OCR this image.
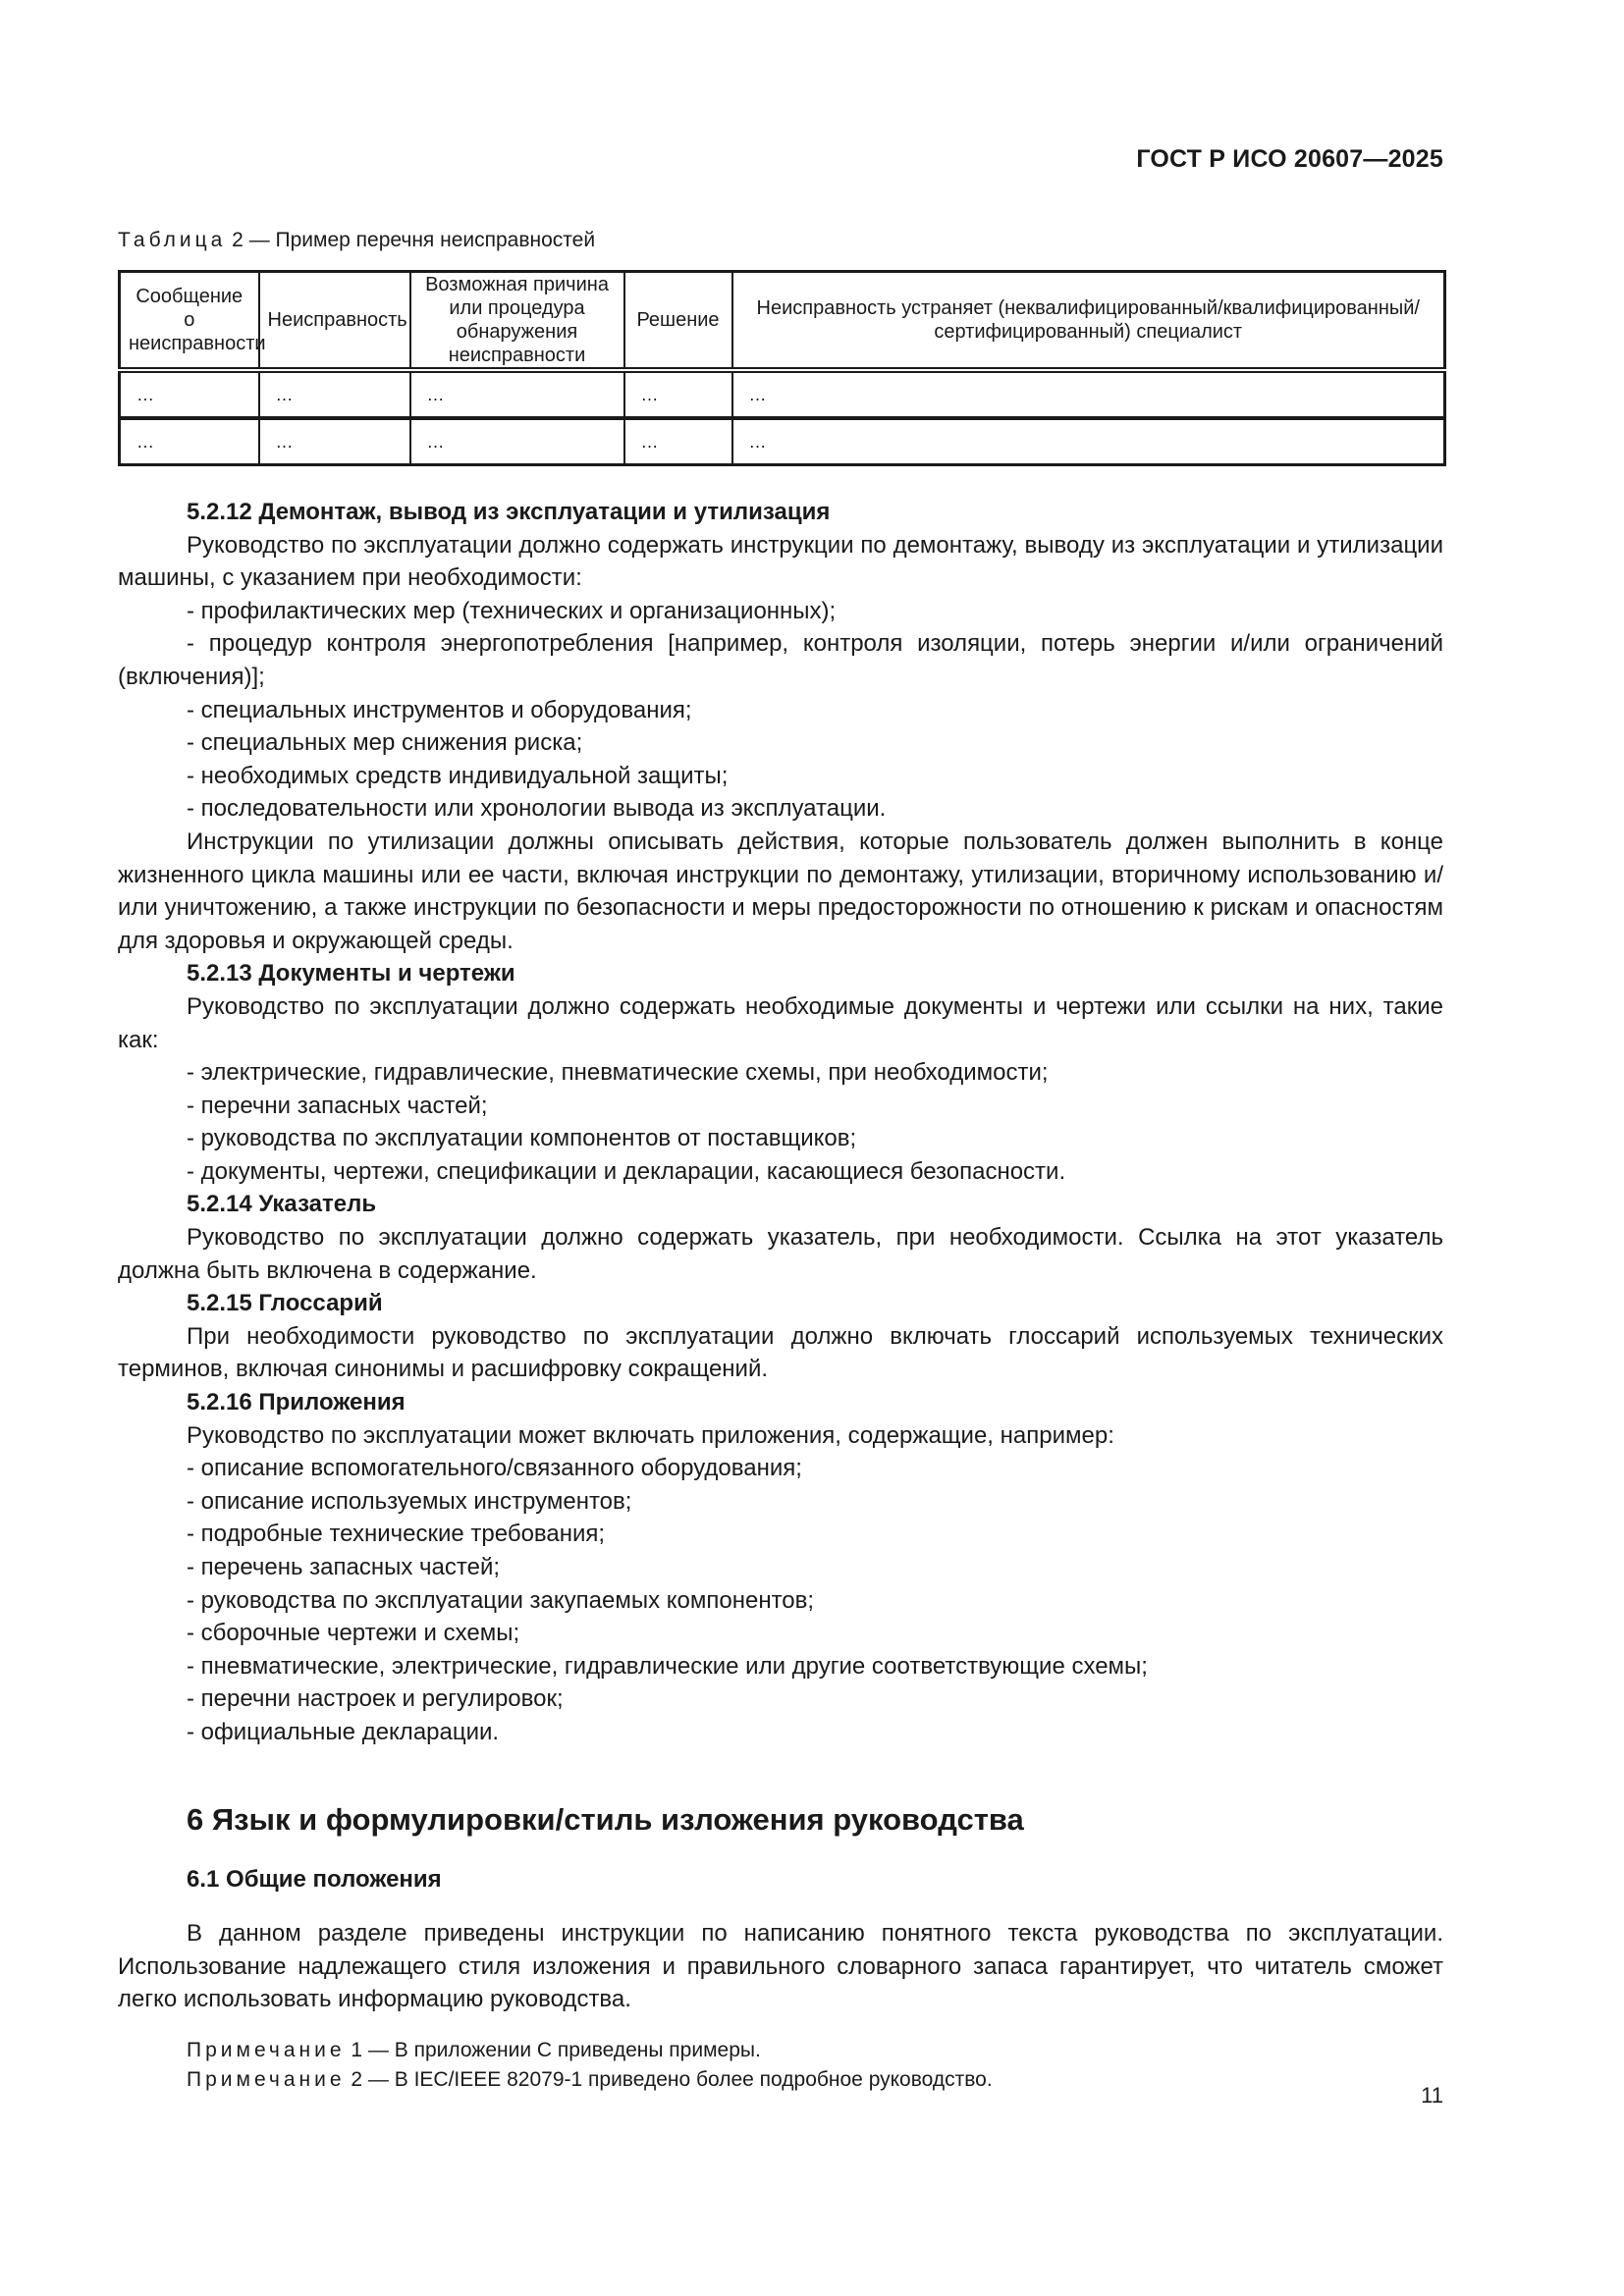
ГОСТ Р ИСО 20607—2025
Таблица 2 — Пример перечня неисправностей
Сообщение о неисправности	Неисправность	Возможная причина или процедура обнаружения неисправности	Решение	Неисправность устраняет (неквалифицированный/квалифицированный/ сертифицированный) специалист
…	…	…	…	…
…	…	…	…	…
5.2.12 Демонтаж, вывод из эксплуатации и утилизация

Руководство по эксплуатации должно содержать инструкции по демонтажу, выводу из эксплуатации и утилизации машины, с указанием при необходимости:

- профилактических мер (технических и организационных);

- процедур контроля энергопотребления [например, контроля изоляции, потерь энергии и/или ограничений (включения)];

- специальных инструментов и оборудования;

- специальных мер снижения риска;

- необходимых средств индивидуальной защиты;

- последовательности или хронологии вывода из эксплуатации.

Инструкции по утилизации должны описывать действия, которые пользователь должен выполнить в конце жизненного цикла машины или ее части, включая инструкции по демонтажу, утилизации, вторичному использованию и/или уничтожению, а также инструкции по безопасности и меры предосторожности по отношению к рискам и опасностям для здоровья и окружающей среды.

5.2.13 Документы и чертежи

Руководство по эксплуатации должно содержать необходимые документы и чертежи или ссылки на них, такие как:

- электрические, гидравлические, пневматические схемы, при необходимости;

- перечни запасных частей;

- руководства по эксплуатации компонентов от поставщиков;

- документы, чертежи, спецификации и декларации, касающиеся безопасности.

5.2.14 Указатель

Руководство по эксплуатации должно содержать указатель, при необходимости. Ссылка на этот указатель должна быть включена в содержание.

5.2.15 Глоссарий

При необходимости руководство по эксплуатации должно включать глоссарий используемых технических терминов, включая синонимы и расшифровку сокращений.

5.2.16 Приложения

Руководство по эксплуатации может включать приложения, содержащие, например:

- описание вспомогательного/связанного оборудования;

- описание используемых инструментов;

- подробные технические требования;

- перечень запасных частей;

- руководства по эксплуатации закупаемых компонентов;

- сборочные чертежи и схемы;

- пневматические, электрические, гидравлические или другие соответствующие схемы;

- перечни настроек и регулировок;

- официальные декларации.

6 Язык и формулировки/стиль изложения руководства
6.1 Общие положения

В данном разделе приведены инструкции по написанию понятного текста руководства по эксплуатации. Использование надлежащего стиля изложения и правильного словарного запаса гарантирует, что читатель сможет легко использовать информацию руководства.

Примечание 1 — В приложении С приведены примеры.

Примечание 2 — В IEC/IEEE 82079-1 приведено более подробное руководство.

11
